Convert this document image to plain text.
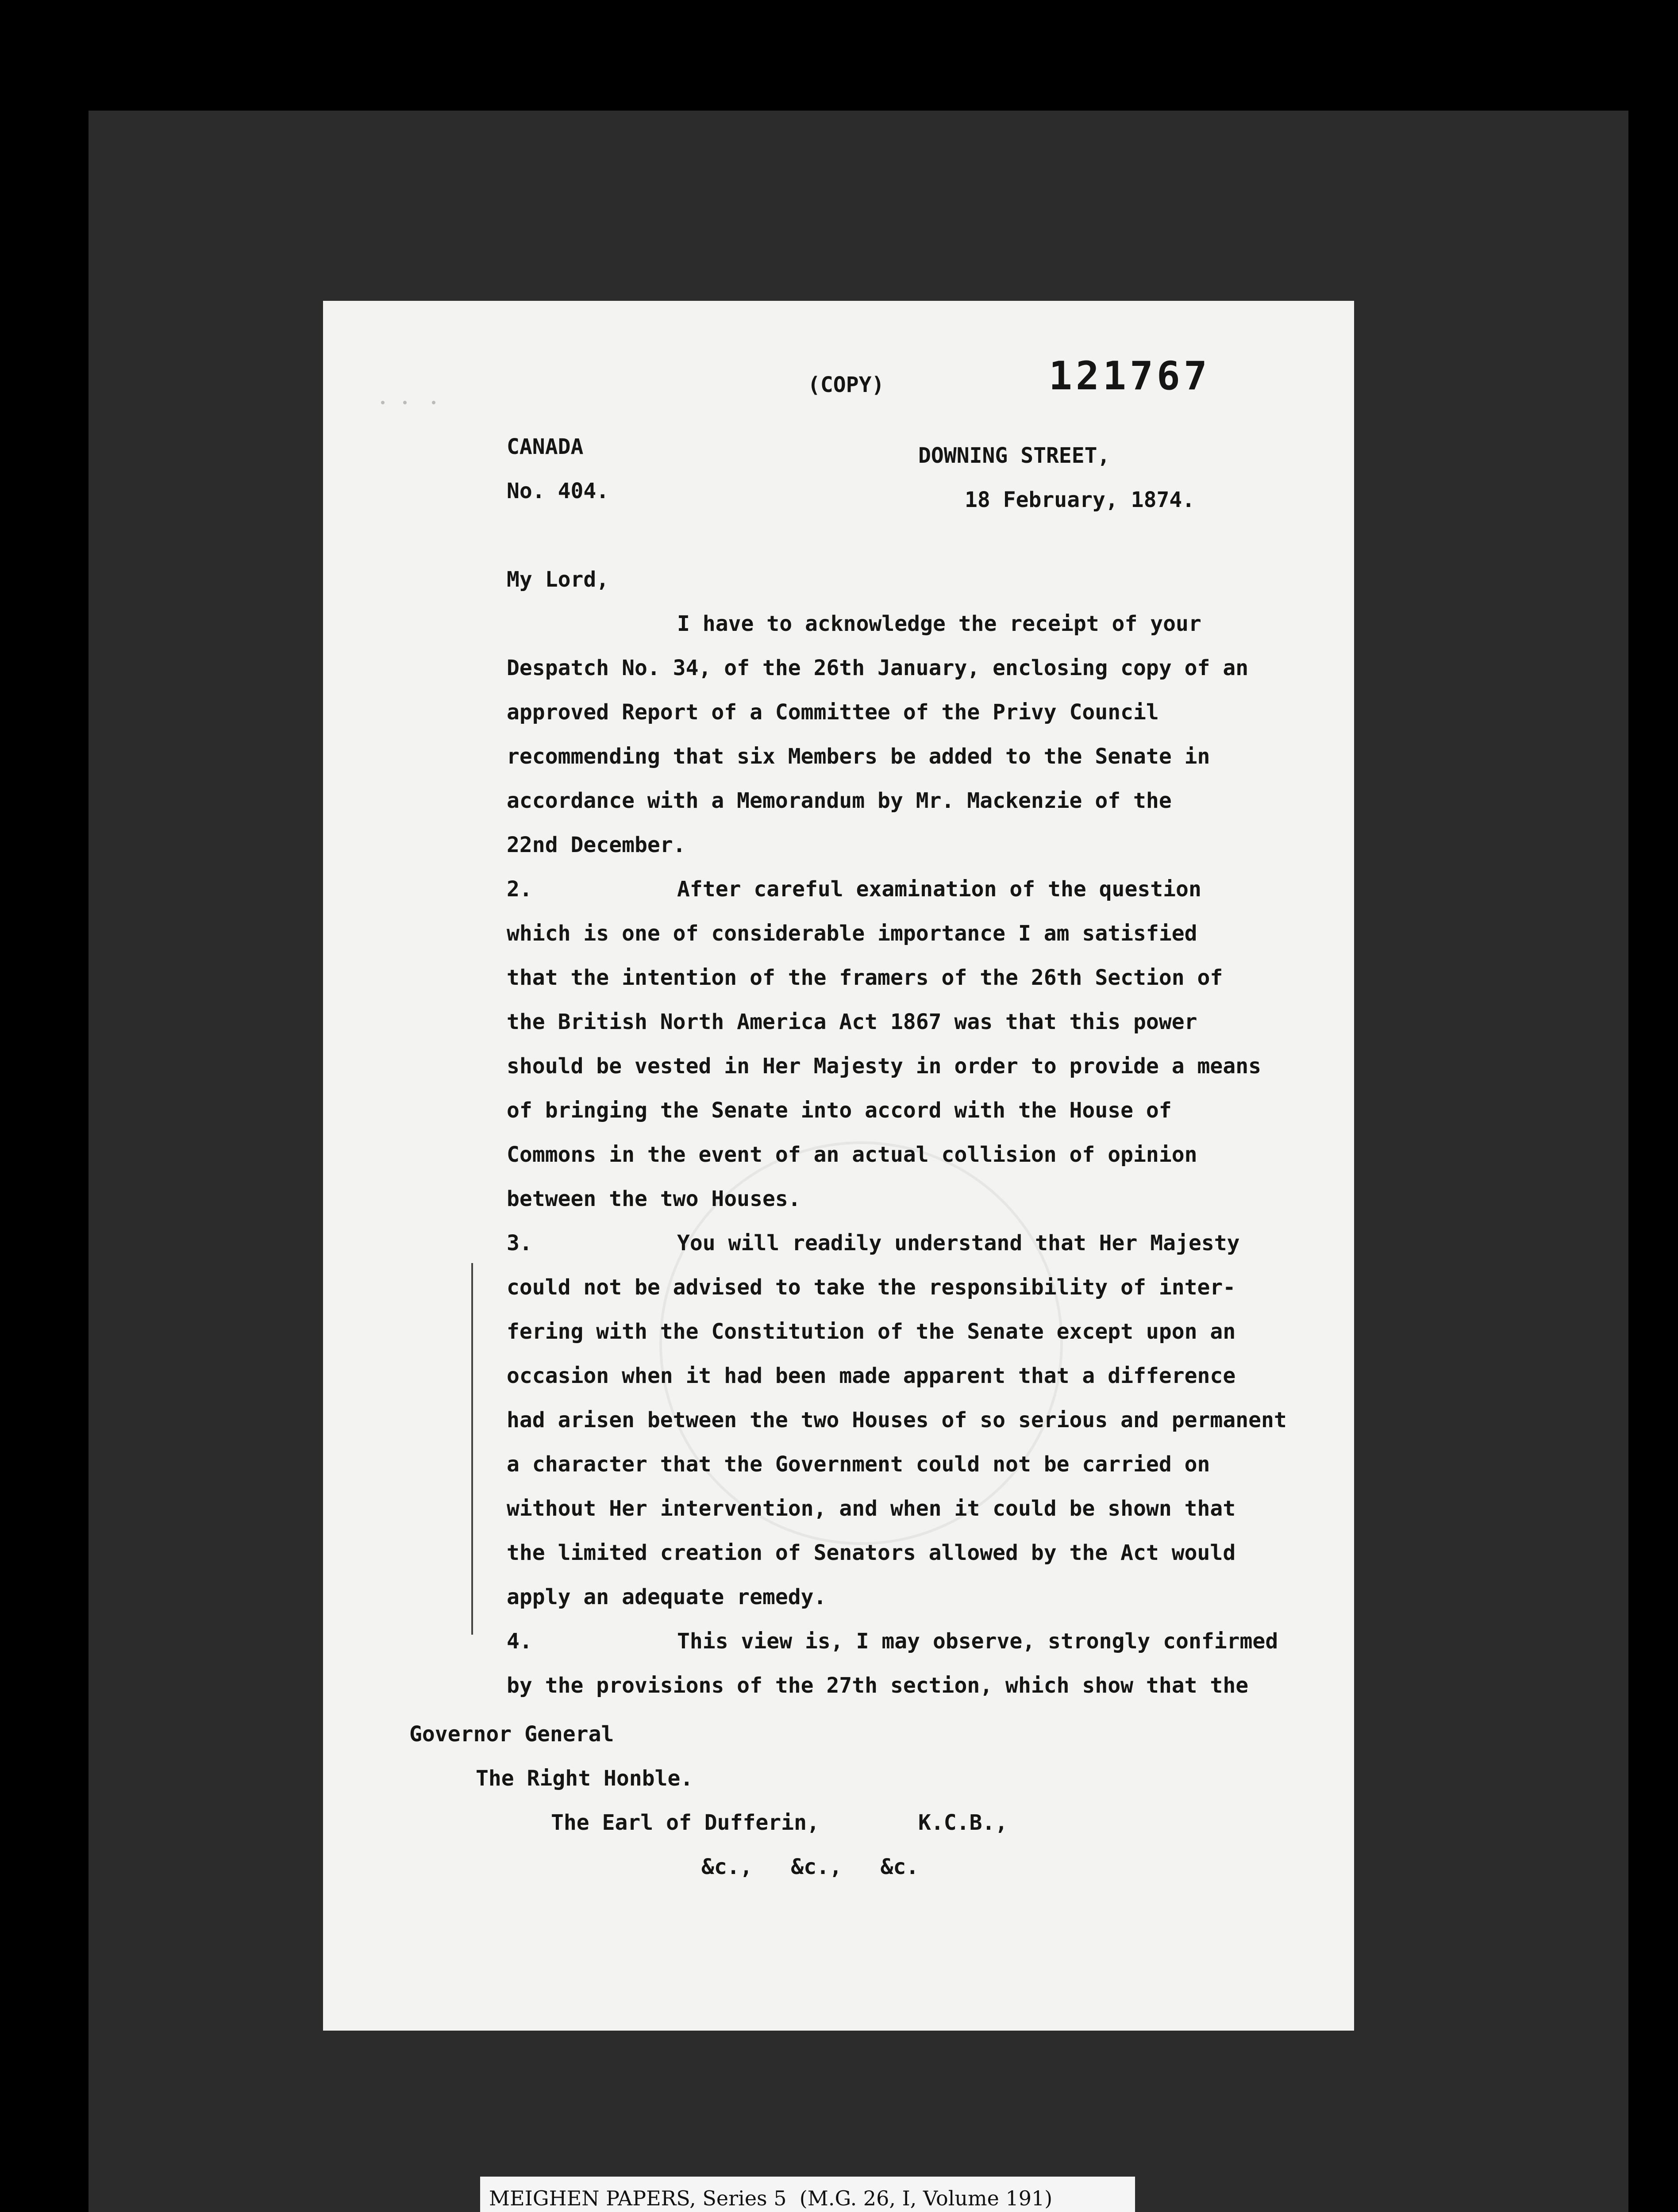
(COPY)	121767
CANADA	DOWNING STREET,
No. 404.	18 February, 1874.
My Lord,
I have to acknowledge the receipt of your
Despatch No. 34, of the 26th January, enclosing copy of an
approved Report of a Committee of the Privy Council
recommending that six Members be added to the Senate in
accordance with a Memorandum by Mr. Mackenzie of the
22nd December.
2.	After careful examination of the question
which is one of considerable importance I am satisfied
that the intention of the framers of the 26th Section of
the British North America Act 1867 was that this power
should be vested in Her Majesty in order to provide a means
of bringing the Senate into accord with the House of
Commons in the event of an actual collision of opinion
between the two Houses.
3.	You will readily understand that Her Majesty
could not be advised to take the responsibility of inter-
fering with the Constitution of the Senate except upon an
occasion when it had been made apparent that a difference
had arisen between the two Houses of so serious and permanent
a character that the Government could not be carried on
without Her intervention, and when it could be shown that
the limited creation of Senators allowed by the Act would
apply an adequate remedy.
4.	This view is, I may observe, strongly confirmed
by the provisions of the 27th section, which show that the
Governor General
The Right Honble.
The Earl of Dufferin,	K.C.B.,
&c.,   &c.,   &c.
MEIGHEN PAPERS, Series 5  (M.G. 26, I, Volume 191)
